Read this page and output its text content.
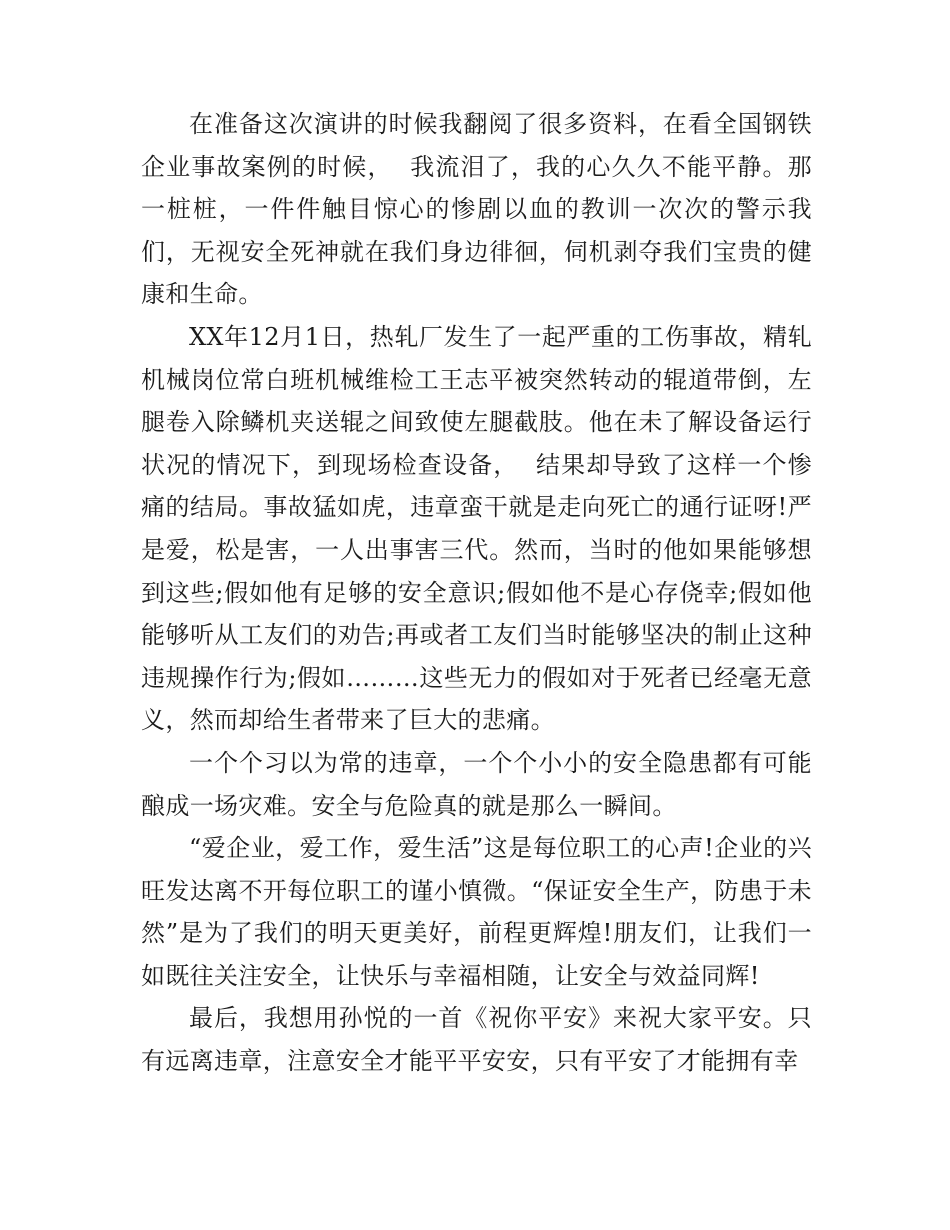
在准备这次演讲的时候我翻阅了很多资料，在看全国钢铁企业事故案例的时候，  我流泪了，我的心久久不能平静。那一桩桩，一件件触目惊心的惨剧以血的教训一次次的警示我们，无视安全死神就在我们身边徘徊，伺机剥夺我们宝贵的健康和生命。

XX年12月1日，热轧厂发生了一起严重的工伤事故，精轧机械岗位常白班机械维检工王志平被突然转动的辊道带倒，左腿卷入除鳞机夹送辊之间致使左腿截肢。他在未了解设备运行状况的情况下，到现场检查设备，  结果却导致了这样一个惨痛的结局。事故猛如虎，违章蛮干就是走向死亡的通行证呀!严是爱，松是害，一人出事害三代。然而，当时的他如果能够想到这些;假如他有足够的安全意识;假如他不是心存侥幸;假如他能够听从工友们的劝告;再或者工友们当时能够坚决的制止这种违规操作行为;假如………这些无力的假如对于死者已经毫无意义，然而却给生者带来了巨大的悲痛。

一个个习以为常的违章，一个个小小的安全隐患都有可能酿成一场灾难。安全与危险真的就是那么一瞬间。

“爱企业，爱工作，爱生活”这是每位职工的心声!企业的兴旺发达离不开每位职工的谨小慎微。“保证安全生产，防患于未然”是为了我们的明天更美好，前程更辉煌!朋友们，让我们一如既往关注安全，让快乐与幸福相随，让安全与效益同辉!

最后，我想用孙悦的一首《祝你平安》来祝大家平安。只有远离违章，注意安全才能平平安安，只有平安了才能拥有幸
